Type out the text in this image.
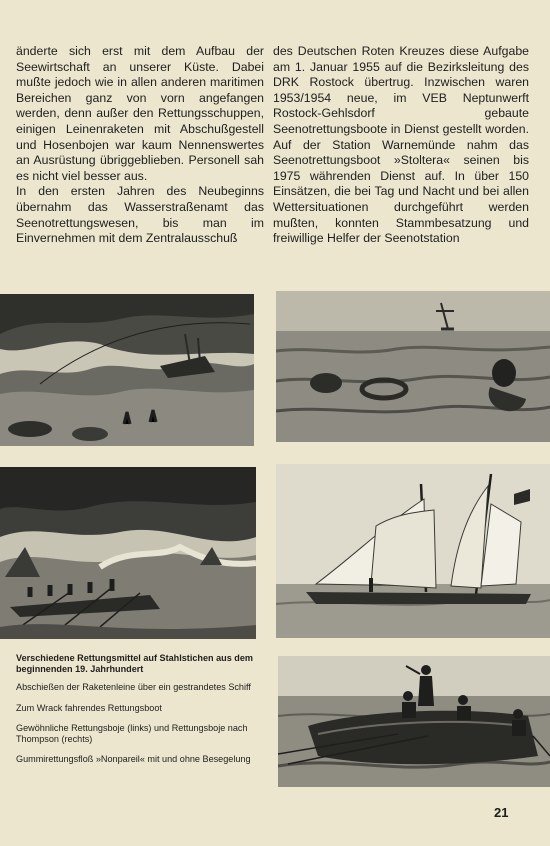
änderte sich erst mit dem Aufbau der Seewirtschaft an unserer Küste. Dabei mußte jedoch wie in allen anderen maritimen Bereichen ganz von vorn angefangen werden, denn außer den Rettungsschuppen, einigen Leinenraketen mit Abschußgestell und Hosenbojen war kaum Nennenswertes an Ausrüstung übriggeblieben. Personell sah es nicht viel besser aus.

In den ersten Jahren des Neubeginns übernahm das Wasserstraßenamt das Seenotrettungswesen, bis man im Einvernehmen mit dem Zentralausschuß

des Deutschen Roten Kreuzes diese Aufgabe am 1. Januar 1955 auf die Bezirksleitung des DRK Rostock übertrug. Inzwischen waren 1953/1954 neue, im VEB Neptunwerft Rostock-Gehlsdorf gebaute Seenotrettungsboote in Dienst gestellt worden. Auf der Station Warnemünde nahm das Seenotrettungsboot »Stoltera« seinen bis 1975 währenden Dienst auf. In über 150 Einsätzen, die bei Tag und Nacht und bei allen Wettersituationen durchgeführt werden mußten, konnten Stammbesatzung und freiwillige Helfer der Seenotstation

Verschiedene Rettungsmittel auf Stahlstichen aus dem beginnenden 19. Jahrhundert

Abschießen der Raketenleine über ein gestrandetes Schiff

Zum Wrack fahrendes Rettungsboot

Gewöhnliche Rettungsboje (links) und Rettungsboje nach Thompson (rechts)

Gummirettungsfloß »Nonpareil« mit und ohne Besegelung

21
